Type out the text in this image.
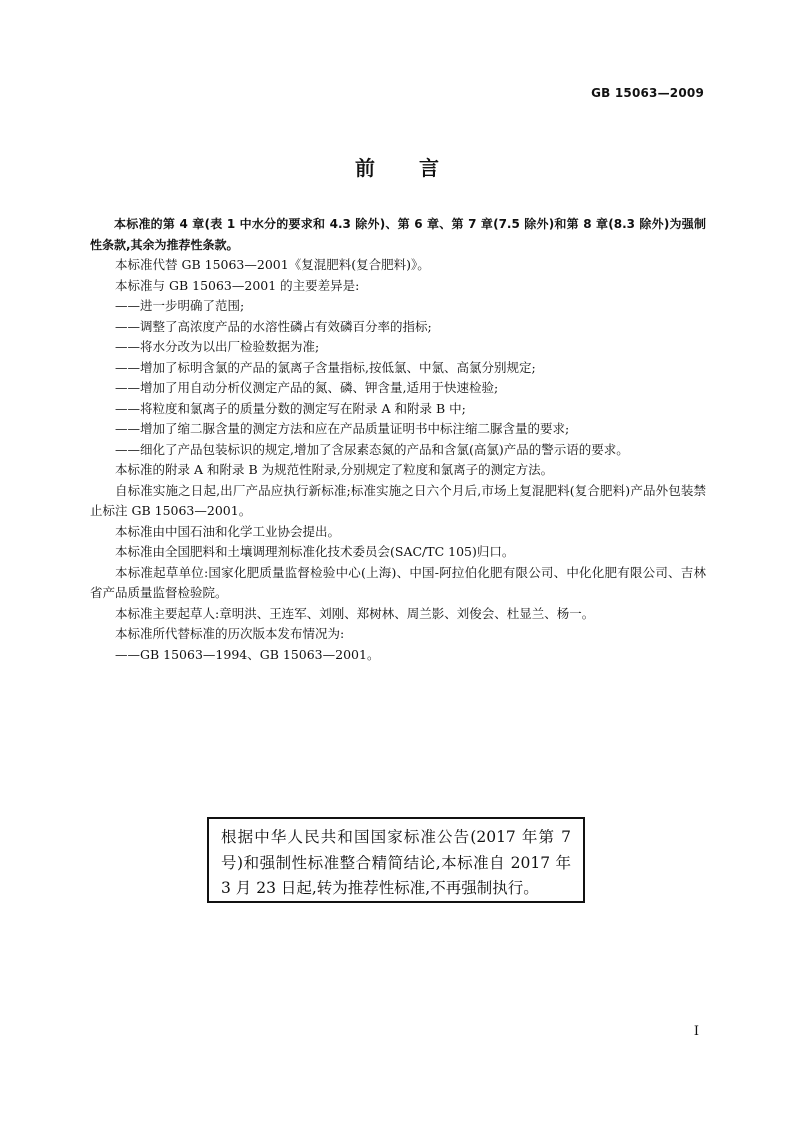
GB 15063—2009
前言

本标准的第 4 章(表 1 中水分的要求和 4.3 除外)、第 6 章、第 7 章(7.5 除外)和第 8 章(8.3 除外)为强制性条款,其余为推荐性条款。

本标准代替 GB 15063—2001《复混肥料(复合肥料)》。

本标准与 GB 15063—2001 的主要差异是:

——进一步明确了范围;

——调整了高浓度产品的水溶性磷占有效磷百分率的指标;

——将水分改为以出厂检验数据为准;

——增加了标明含氯的产品的氯离子含量指标,按低氯、中氯、高氯分别规定;

——增加了用自动分析仪测定产品的氮、磷、钾含量,适用于快速检验;

——将粒度和氯离子的质量分数的测定写在附录 A 和附录 B 中;

——增加了缩二脲含量的测定方法和应在产品质量证明书中标注缩二脲含量的要求;

——细化了产品包装标识的规定,增加了含尿素态氮的产品和含氯(高氯)产品的警示语的要求。

本标准的附录 A 和附录 B 为规范性附录,分别规定了粒度和氯离子的测定方法。

自标准实施之日起,出厂产品应执行新标准;标准实施之日六个月后,市场上复混肥料(复合肥料)产品外包装禁止标注 GB 15063—2001。

本标准由中国石油和化学工业协会提出。

本标准由全国肥料和土壤调理剂标准化技术委员会(SAC/TC 105)归口。

本标准起草单位:国家化肥质量监督检验中心(上海)、中国-阿拉伯化肥有限公司、中化化肥有限公司、吉林省产品质量监督检验院。

本标准主要起草人:章明洪、王连军、刘刚、郑树林、周兰影、刘俊会、杜显兰、杨一。

本标准所代替标准的历次版本发布情况为:

——GB 15063—1994、GB 15063—2001。

根据中华人民共和国国家标准公告(2017 年第 7 号)和强制性标准整合精简结论,本标准自 2017 年 3 月 23 日起,转为推荐性标准,不再强制执行。
I
